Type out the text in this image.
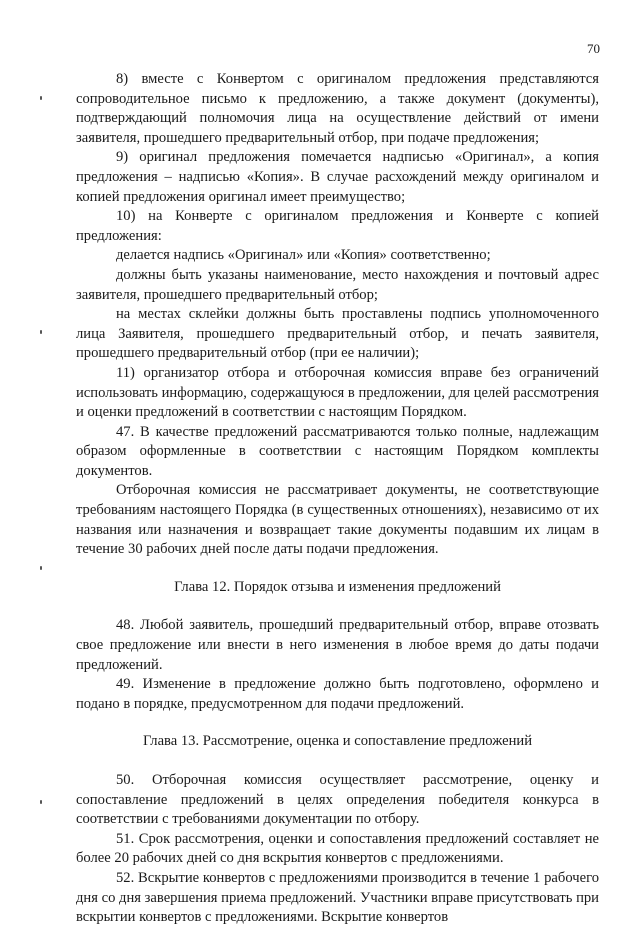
70

8) вместе с Конвертом с оригиналом предложения представляются сопроводительное письмо к предложению, а также документ (документы), подтверждающий полномочия лица на осуществление действий от имени заявителя, прошедшего предварительный отбор, при подаче предложения;

9) оригинал предложения помечается надписью «Оригинал», а копия предложения – надписью «Копия». В случае расхождений между оригиналом и копией предложения оригинал имеет преимущество;

10) на Конверте с оригиналом предложения и Конверте с копией предложения:

делается надпись «Оригинал» или «Копия» соответственно;

должны быть указаны наименование, место нахождения и почтовый адрес заявителя, прошедшего предварительный отбор;

на местах склейки должны быть проставлены подпись уполномоченного лица Заявителя, прошедшего предварительный отбор, и печать заявителя, прошедшего предварительный отбор (при ее наличии);

11) организатор отбора и отборочная комиссия вправе без ограничений использовать информацию, содержащуюся в предложении, для целей рассмотрения и оценки предложений в соответствии с настоящим Порядком.

47. В качестве предложений рассматриваются только полные, надлежащим образом оформленные в соответствии с настоящим Порядком комплекты документов.

Отборочная комиссия не рассматривает документы, не соответствующие требованиям настоящего Порядка (в существенных отношениях), независимо от их названия или назначения и возвращает такие документы подавшим их лицам в течение 30 рабочих дней после даты подачи предложения.

Глава 12. Порядок отзыва и изменения предложений

48. Любой заявитель, прошедший предварительный отбор, вправе отозвать свое предложение или внести в него изменения в любое время до даты подачи предложений.

49. Изменение в предложение должно быть подготовлено, оформлено и подано в порядке, предусмотренном для подачи предложений.

Глава 13. Рассмотрение, оценка и сопоставление предложений

50. Отборочная комиссия осуществляет рассмотрение, оценку и сопоставление предложений в целях определения победителя конкурса в соответствии с требованиями документации по отбору.

51. Срок рассмотрения, оценки и сопоставления предложений составляет не более 20 рабочих дней со дня вскрытия конвертов с предложениями.

52. Вскрытие конвертов с предложениями производится в течение 1 рабочего дня со дня завершения приема предложений. Участники вправе присутствовать при вскрытии конвертов с предложениями. Вскрытие конвертов
